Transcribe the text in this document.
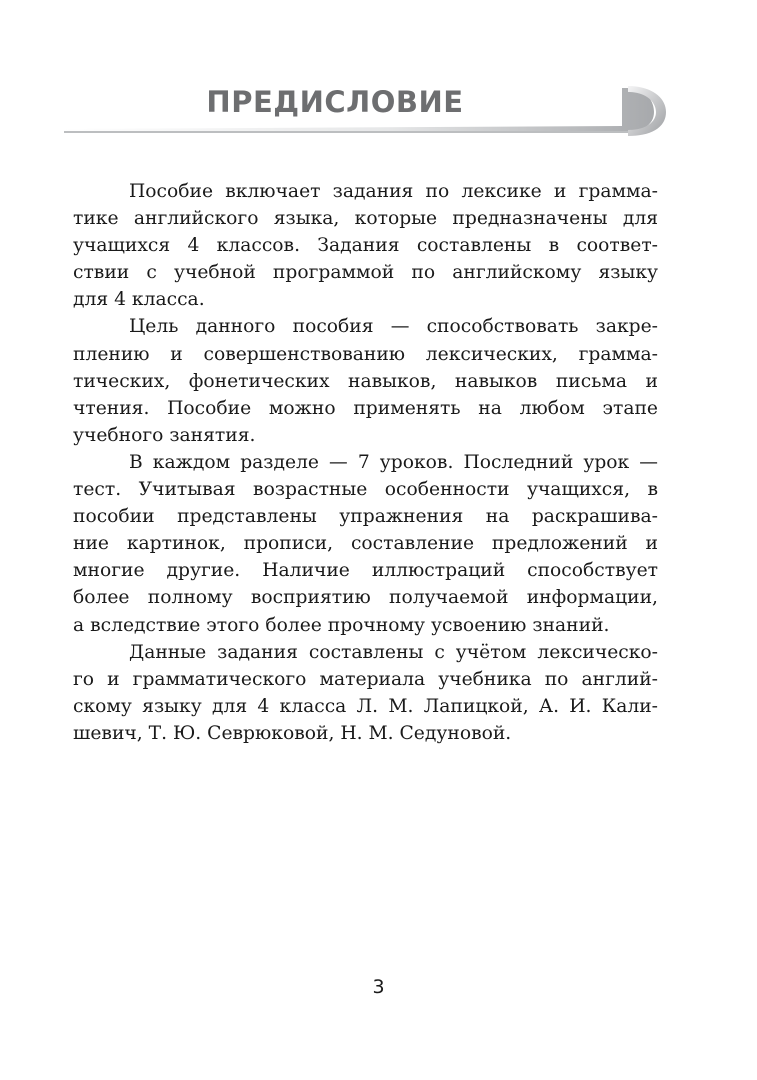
ПРЕДИСЛОВИЕ

Пособие включает задания по лексике и грамма-
тике английского языка, которые предназначены для
учащихся 4 классов. Задания составлены в соответ-
ствии с учебной программой по английскому языку
для 4 класса.

Цель данного пособия — способствовать закре-
плению и совершенствованию лексических, грамма-
тических, фонетических навыков, навыков письма и
чтения. Пособие можно применять на любом этапе
учебного занятия.

В каждом разделе — 7 уроков. Последний урок —
тест. Учитывая возрастные особенности учащихся, в
пособии представлены упражнения на раскрашива-
ние картинок, прописи, составление предложений и
многие другие. Наличие иллюстраций способствует
более полному восприятию получаемой информации,
а вследствие этого более прочному усвоению знаний.

Данные задания составлены с учётом лексическо-
го и грамматического материала учебника по англий-
скому языку для 4 класса Л. М. Лапицкой, А. И. Кали-
шевич, Т. Ю. Севрюковой, Н. М. Седуновой.

3
